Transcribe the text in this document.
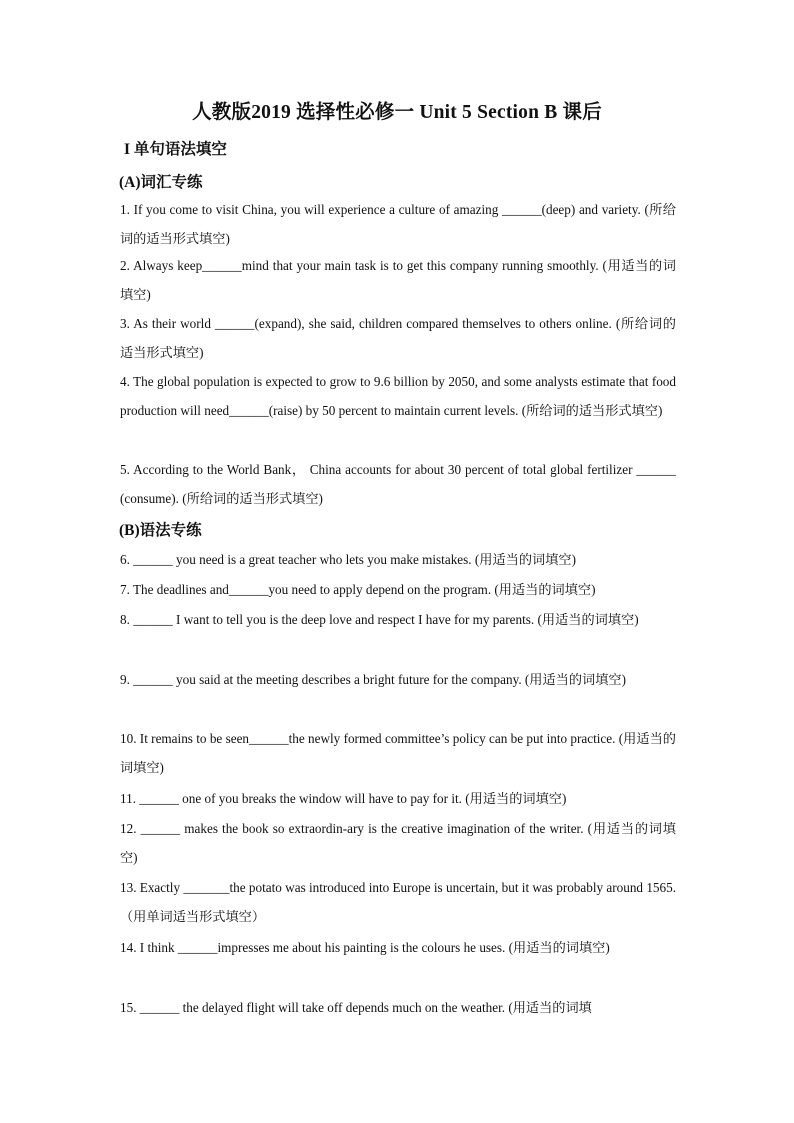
人教版2019 选择性必修一 Unit 5 Section B 课后
I 单句语法填空
(A)词汇专练
1. If you come to visit China, you will experience a culture of amazing ______(deep) and variety. (所给词的适当形式填空)
2. Always keep______mind that your main task is to get this company running smoothly. (用适当的词填空)
3. As their world ______(expand), she said, children compared themselves to others online. (所给词的适当形式填空)
4. The global population is expected to grow to 9.6 billion by 2050, and some analysts estimate that food production will need______(raise) by 50 percent to maintain current levels. (所给词的适当形式填空)
5. According to the World Bank， China accounts for about 30 percent of total global fertilizer ______ (consume). (所给词的适当形式填空)
(B)语法专练
6. ______ you need is a great teacher who lets you make mistakes. (用适当的词填空)
7. The deadlines and______you need to apply depend on the program. (用适当的词填空)
8. ______ I want to tell you is the deep love and respect I have for my parents. (用适当的词填空)
9. ______ you said at the meeting describes a bright future for the company. (用适当的词填空)
10. It remains to be seen______the newly formed committee’s policy can be put into practice. (用适当的词填空)
11. ______ one of you breaks the window will have to pay for it. (用适当的词填空)
12. ______ makes the book so extraordin-ary is the creative imagination of the writer. (用适当的词填空)
13. Exactly _______the potato was introduced into Europe is uncertain, but it was probably around 1565. （用单词适当形式填空）
14. I think ______impresses me about his painting is the colours he uses. (用适当的词填空)
15. ______ the delayed flight will take off depends much on the weather. (用适当的词填
